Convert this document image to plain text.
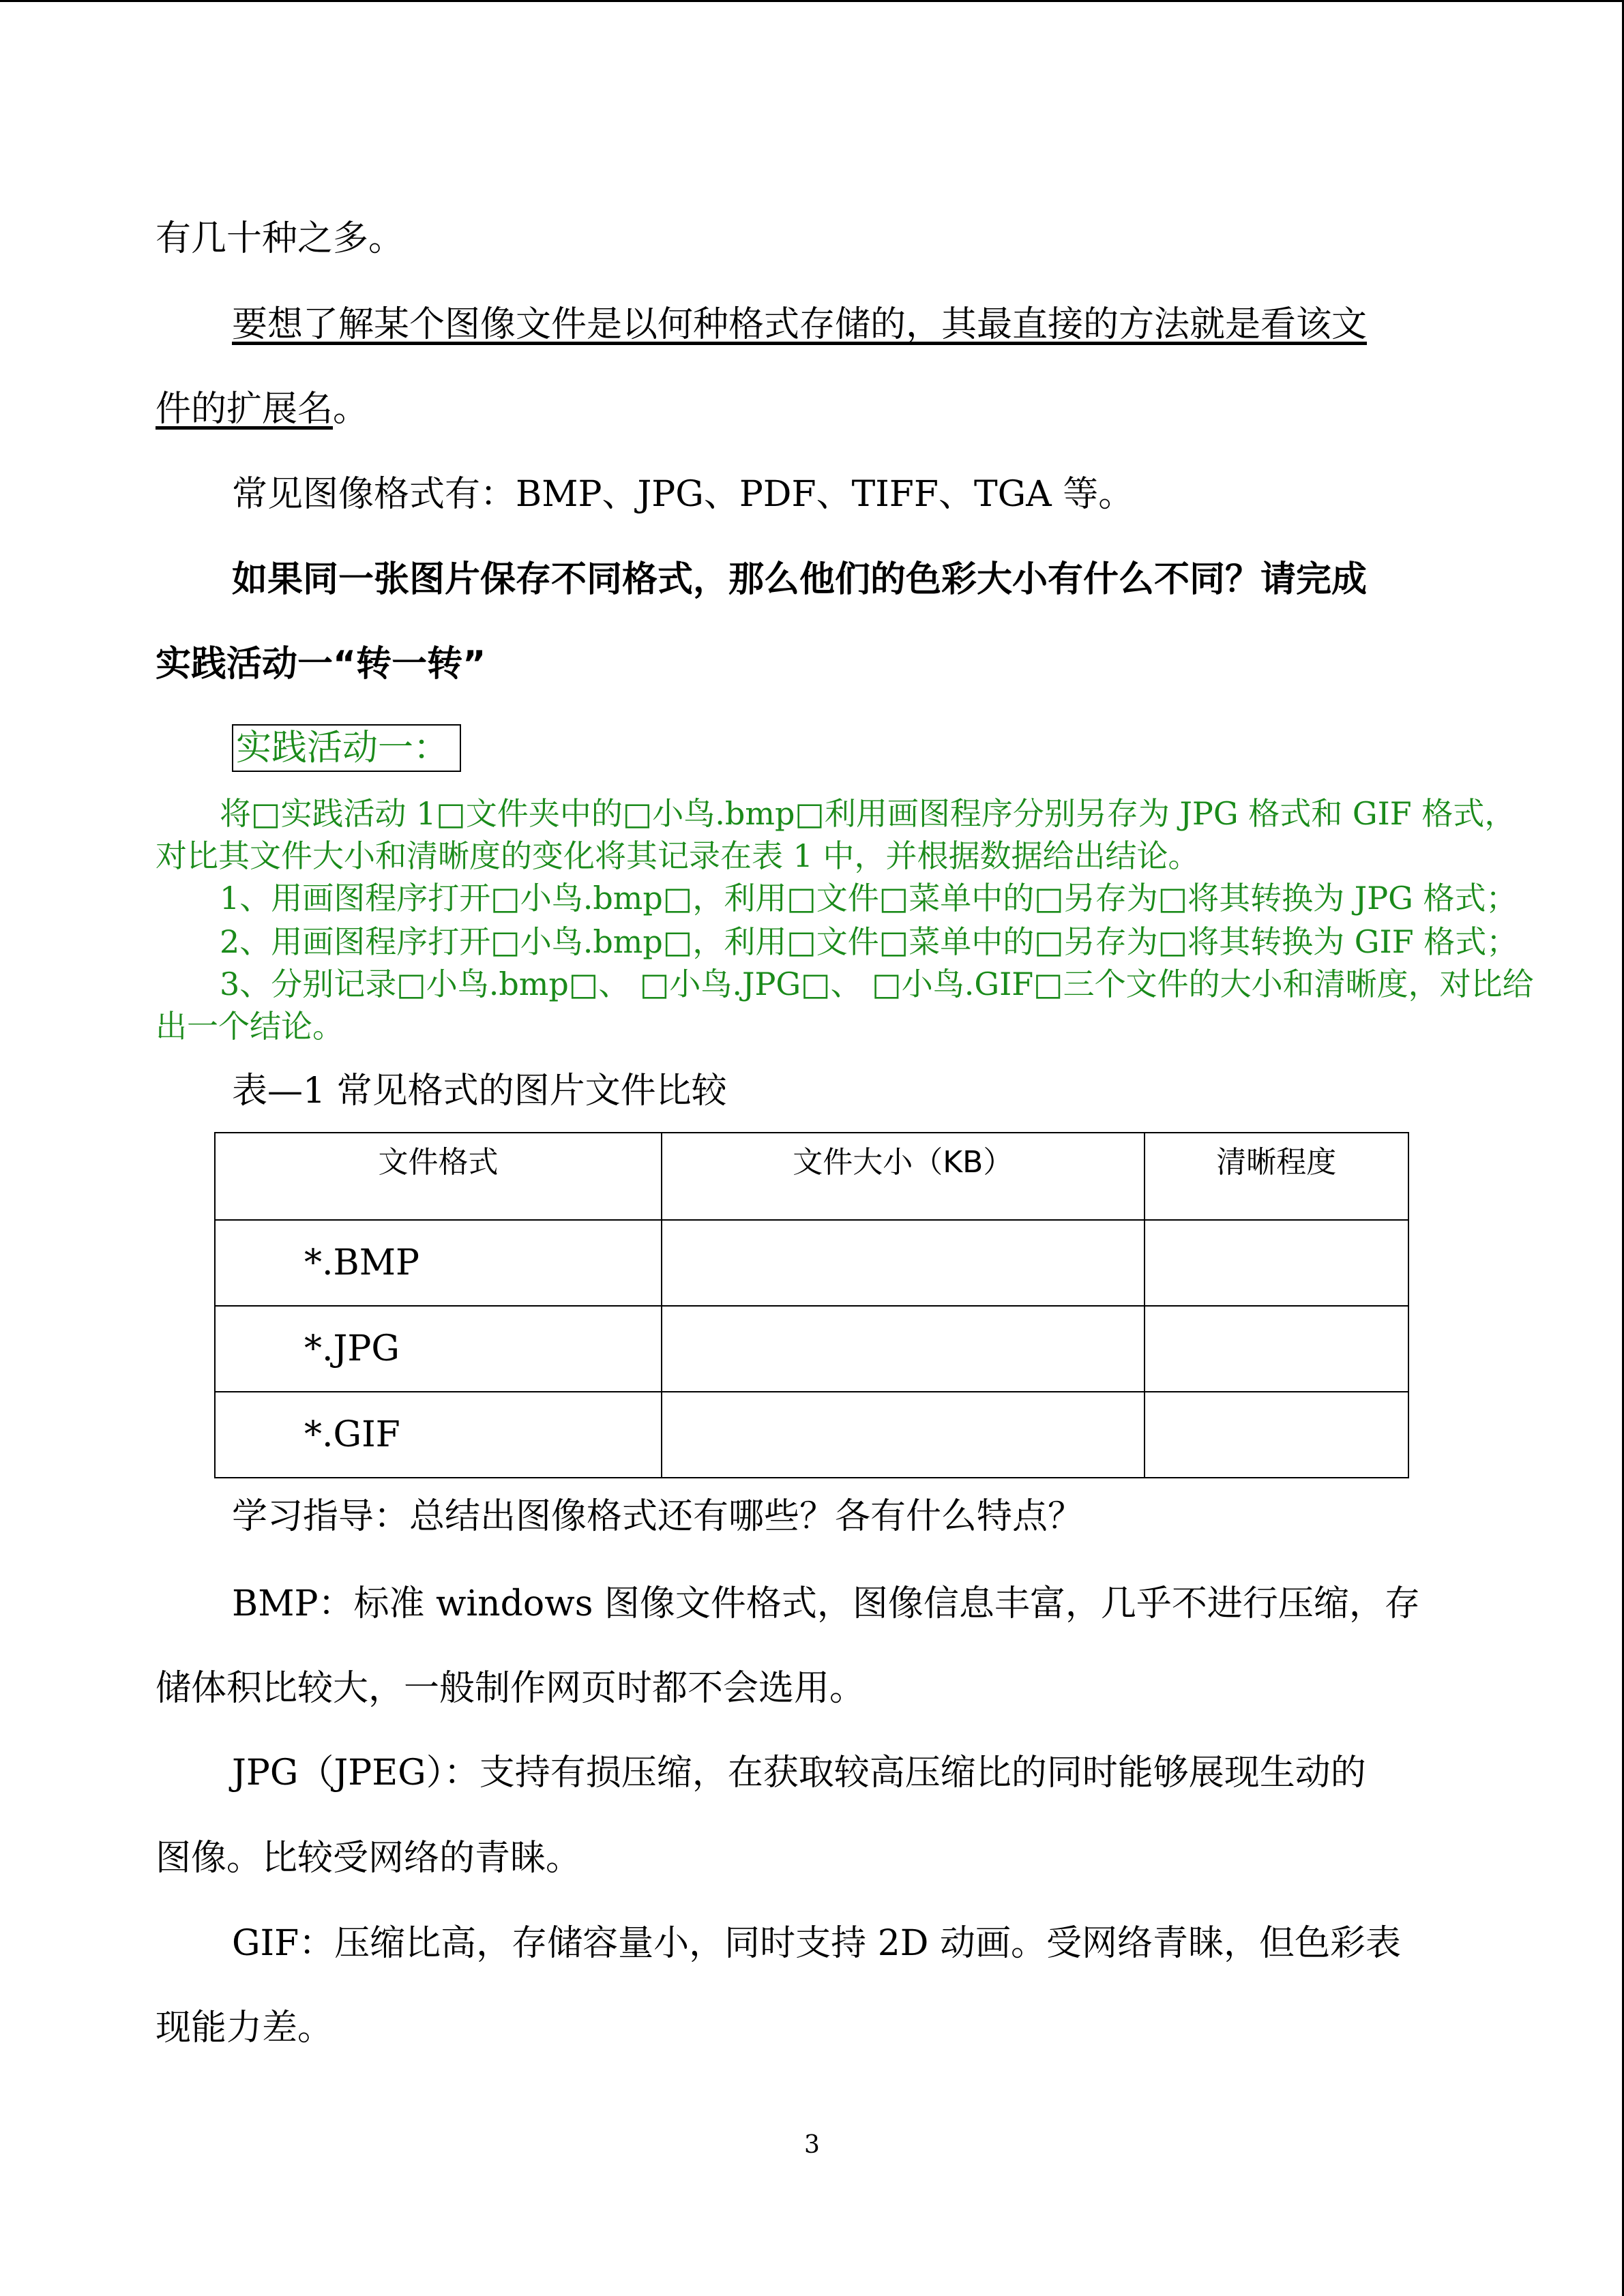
有几十种之多。

要想了解某个图像文件是以何种格式存储的，其最直接的方法就是看该文

件的扩展名。

常见图像格式有：BMP、JPG、PDF、TIFF、TGA 等。

如果同一张图片保存不同格式，那么他们的色彩大小有什么不同？请完成

实践活动一“转一转”

实践活动一：

将□实践活动 1□文件夹中的□小鸟.bmp□利用画图程序分别另存为 JPG 格式和 GIF 格式，

对比其文件大小和清晰度的变化将其记录在表 1 中，并根据数据给出结论。

1、用画图程序打开□小鸟.bmp□，利用□文件□菜单中的□另存为□将其转换为 JPG 格式；

2、用画图程序打开□小鸟.bmp□，利用□文件□菜单中的□另存为□将其转换为 GIF 格式；

3、分别记录□小鸟.bmp□、 □小鸟.JPG□、 □小鸟.GIF□三个文件的大小和清晰度，对比给

出一个结论。

表—1 常见格式的图片文件比较

文件格式	文件大小（KB）	清晰程度
*.BMP		
*.JPG		
*.GIF		

学习指导：总结出图像格式还有哪些？各有什么特点？

BMP：标准 windows 图像文件格式，图像信息丰富，几乎不进行压缩，存

储体积比较大，一般制作网页时都不会选用。

JPG（JPEG）：支持有损压缩，在获取较高压缩比的同时能够展现生动的

图像。比较受网络的青睐。

GIF：压缩比高，存储容量小，同时支持 2D 动画。受网络青睐，但色彩表

现能力差。

3
